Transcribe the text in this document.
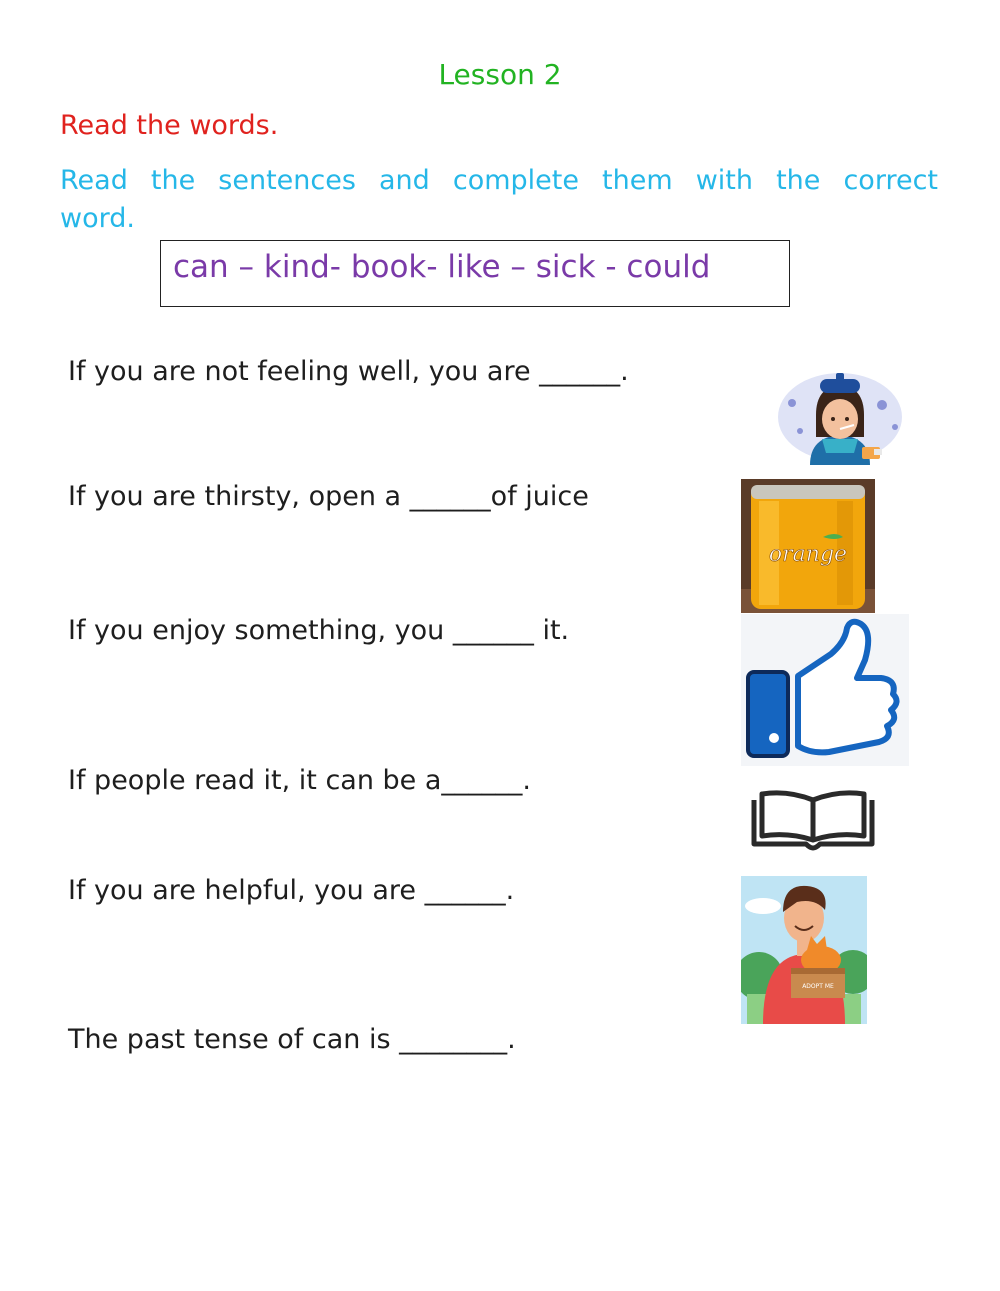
Lesson 2
Read the words.
Read the sentences and complete them with the correct word.
can – kind- book- like – sick - could
If you are not feeling well, you are ______.
If you are thirsty, open a ______of juice
If you enjoy something, you ______ it.
If people read it, it can be a______.
If you are helpful, you are ______.
The past tense of can is ________.
orange
ADOPT ME
